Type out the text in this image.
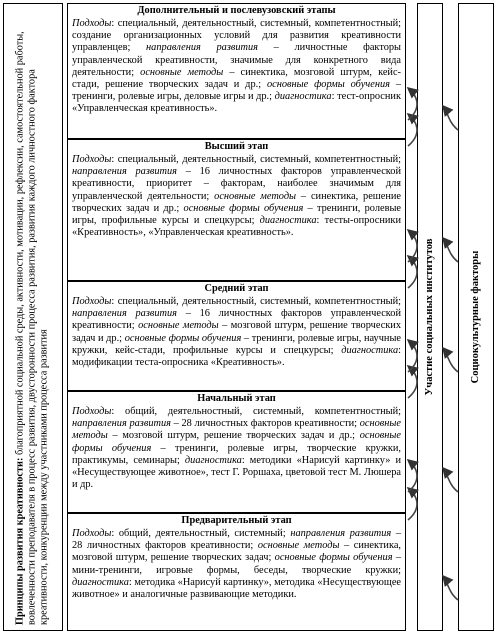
Принципы развития креативности: благоприятной социальной среды, активности, мотивации, рефлексии, самостоятельной работы, вовлеченности преподавателя в процесс развития, двусторонности процесса развития, развития каждого личностного фактора креативности, конкуренции между участниками процесса развития
Дополнительный и послевузовский этапы
Подходы: специальный, деятельностный, системный, компетентностный; создание организационных условий для развития креативности управленцев; направления развития – личностные факторы управленческой креативности, значимые для конкретного вида деятельности; основные методы – синектика, мозговой штурм, кейс-стади, решение творческих задач и др.; основные формы обучения – тренинги, ролевые игры, деловые игры и др.; диагностика: тест-опросник «Управленческая креативность».
Высший этап
Подходы: специальный, деятельностный, системный, компетентностный; направления развития – 16 личностных факторов управленческой креативности, приоритет – факторам, наиболее значимым для управленческой деятельности; основные методы – синектика, решение творческих задач и др.; основные формы обучения – тренинги, ролевые игры, профильные курсы и спецкурсы; диагностика: тесты-опросники «Креативность», «Управленческая креативность».
Средний этап
Подходы: специальный, деятельностный, системный, компетентностный; направления развития – 16 личностных факторов управленческой креативности; основные методы – мозговой штурм, решение творческих задач и др.; основные формы обучения – тренинги, ролевые игры, научные кружки, кейс-стади, профильные курсы и спецкурсы; диагностика: модификации теста-опросника «Креативность».
Начальный этап
Подходы: общий, деятельностный, системный, компетентностный; направления развития – 28 личностных факторов креативности; основные методы – мозговой штурм, решение творческих задач и др.; основные формы обучения – тренинги, ролевые игры, творческие кружки, практикумы, семинары; диагностика: методики «Нарисуй картинку» и «Несуществующее животное», тест Г. Роршаха, цветовой тест М. Люшера и др.
Предварительный этап
Подходы: общий, деятельностный, системный; направления развития – 28 личностных факторов креативности; основные методы – синектика, мозговой штурм, решение творческих задач; основные формы обучения – мини-тренинги, игровые формы, беседы, творческие кружки; диагностика: методика «Нарисуй картинку», методика «Несуществующее животное» и аналогичные развивающие методики.
Участие социальных институтов	Социокультурные факторы
